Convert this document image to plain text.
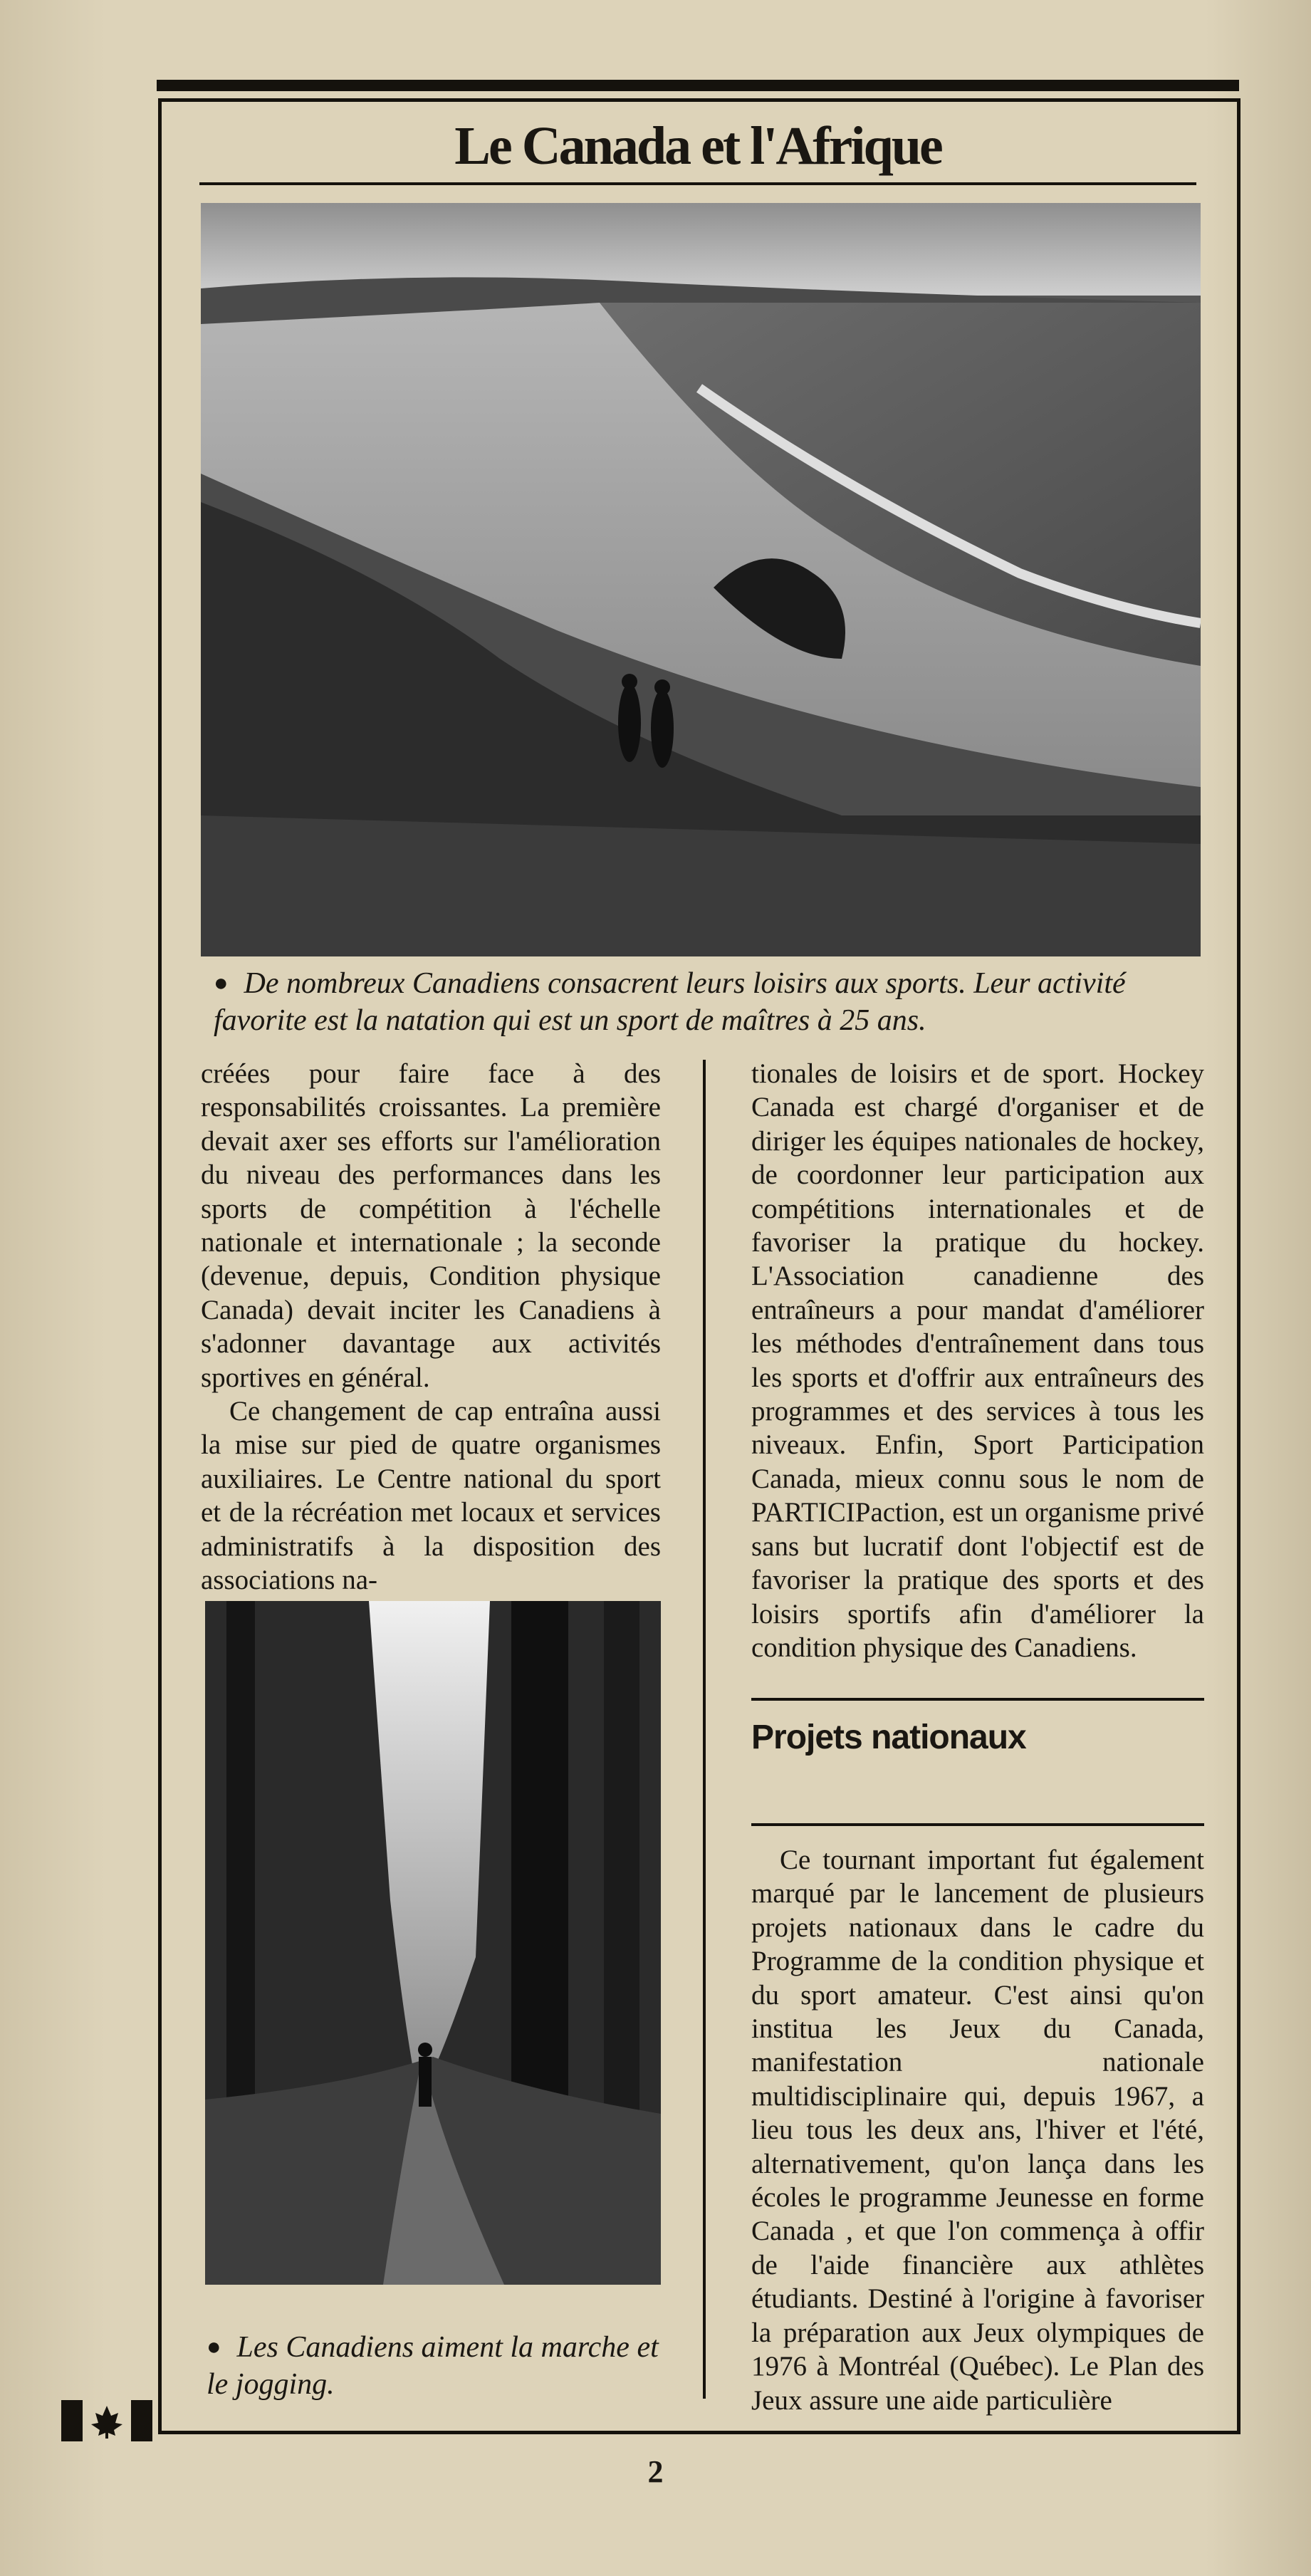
Le Canada et l'Afrique
● De nombreux Canadiens consacrent leurs loisirs aux sports. Leur activité favorite est la natation qui est un sport de maîtres à 25 ans.

créées pour faire face à des responsabilités croissantes. La première devait axer ses efforts sur l'amélioration du niveau des performances dans les sports de compétition à l'échelle nationale et internationale ; la seconde (devenue, depuis, Condition physique Canada) devait inciter les Canadiens à s'adonner davantage aux activités sportives en général.

Ce changement de cap entraîna aussi la mise sur pied de quatre organismes auxiliaires. Le Centre national du sport et de la récréation met locaux et services administratifs à la disposition des associations na-

● Les Canadiens aiment la marche et le jogging.

tionales de loisirs et de sport. Hockey Canada est chargé d'organiser et de diriger les équipes nationales de hockey, de coordonner leur participation aux compétitions internationales et de favoriser la pratique du hockey. L'Association canadienne des entraîneurs a pour mandat d'améliorer les méthodes d'entraînement dans tous les sports et d'offrir aux entraîneurs des programmes et des services à tous les niveaux. Enfin, Sport Participation Canada, mieux connu sous le nom de PARTICIPaction, est un organisme privé sans but lucratif dont l'objectif est de favoriser la pratique des sports et des loisirs sportifs afin d'améliorer la condition physique des Canadiens.

Projets nationaux

Ce tournant important fut également marqué par le lancement de plusieurs projets nationaux dans le cadre du Programme de la condition physique et du sport amateur. C'est ainsi qu'on institua les Jeux du Canada, manifestation nationale multidisciplinaire qui, depuis 1967, a lieu tous les deux ans, l'hiver et l'été, alternativement, qu'on lança dans les écoles le programme Jeunesse en forme Canada , et que l'on commença à offir de l'aide financière aux athlètes étudiants. Destiné à l'origine à favoriser la préparation aux Jeux olympiques de 1976 à Montréal (Québec). Le Plan des Jeux assure une aide particulière

2
